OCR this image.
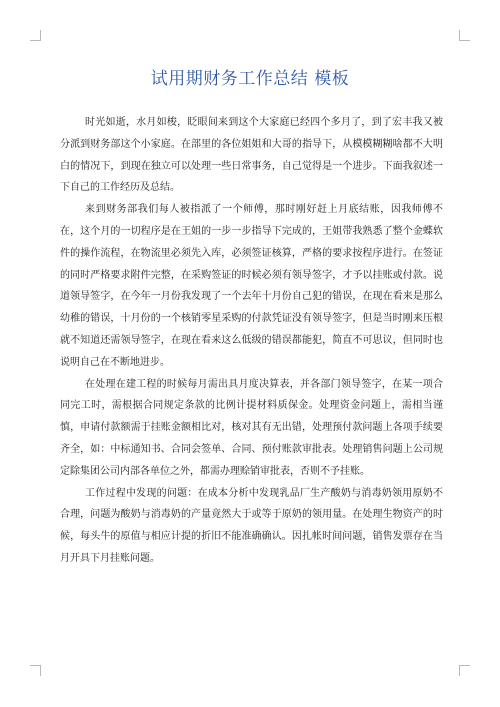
试用期财务工作总结 模板

时光如逝，水月如梭，眨眼间来到这个大家庭已经四个多月了，到了宏丰我又被分派到财务部这个小家庭。在部里的各位姐姐和大哥的指导下，从模模糊糊啥都不大明白的情况下，到现在独立可以处理一些日常事务，自己觉得是一个进步。下面我叙述一下自己的工作经历及总结。

来到财务部我们每人被指派了一个师傅，那时刚好赶上月底结账，因我师傅不在，这个月的一切程序是在王姐的一步一步指导下完成的，王姐带我熟悉了整个金蝶软件的操作流程，在物流里必须先入库，必须签证核算，严格的要求按程序进行。在签证的同时严格要求附件完整，在采购签证的时候必须有领导签字，才予以挂账或付款。说道领导签字，在今年一月份我发现了一个去年十月份自己犯的错误，在现在看来是那么幼稚的错误，十月份的一个核销零星采购的付款凭证没有领导签字，但是当时刚来压根就不知道还需领导签字，在现在看来这么低级的错误都能犯，简直不可思议，但同时也说明自己在不断地进步。

在处理在建工程的时候每月需出具月度决算表，并各部门领导签字，在某一项合同完工时，需根据合同规定条款的比例计提材料质保金。处理资金问题上，需相当谨慎，申请付款额需于挂账金额相比对，核对其有无出错，处理预付款问题上各项手续要齐全，如：中标通知书、合同会签单、合同、预付账款审批表。处理销售问题上公司规定除集团公司内部各单位之外，都需办理赊销审批表，否则不予挂账。

工作过程中发现的问题：在成本分析中发现乳品厂生产酸奶与消毒奶领用原奶不合理，问题为酸奶与消毒奶的产量竟然大于或等于原奶的领用量。在处理生物资产的时候，每头牛的原值与相应计提的折旧不能准确确认。因扎帐时间问题，销售发票存在当月开具下月挂账问题。
